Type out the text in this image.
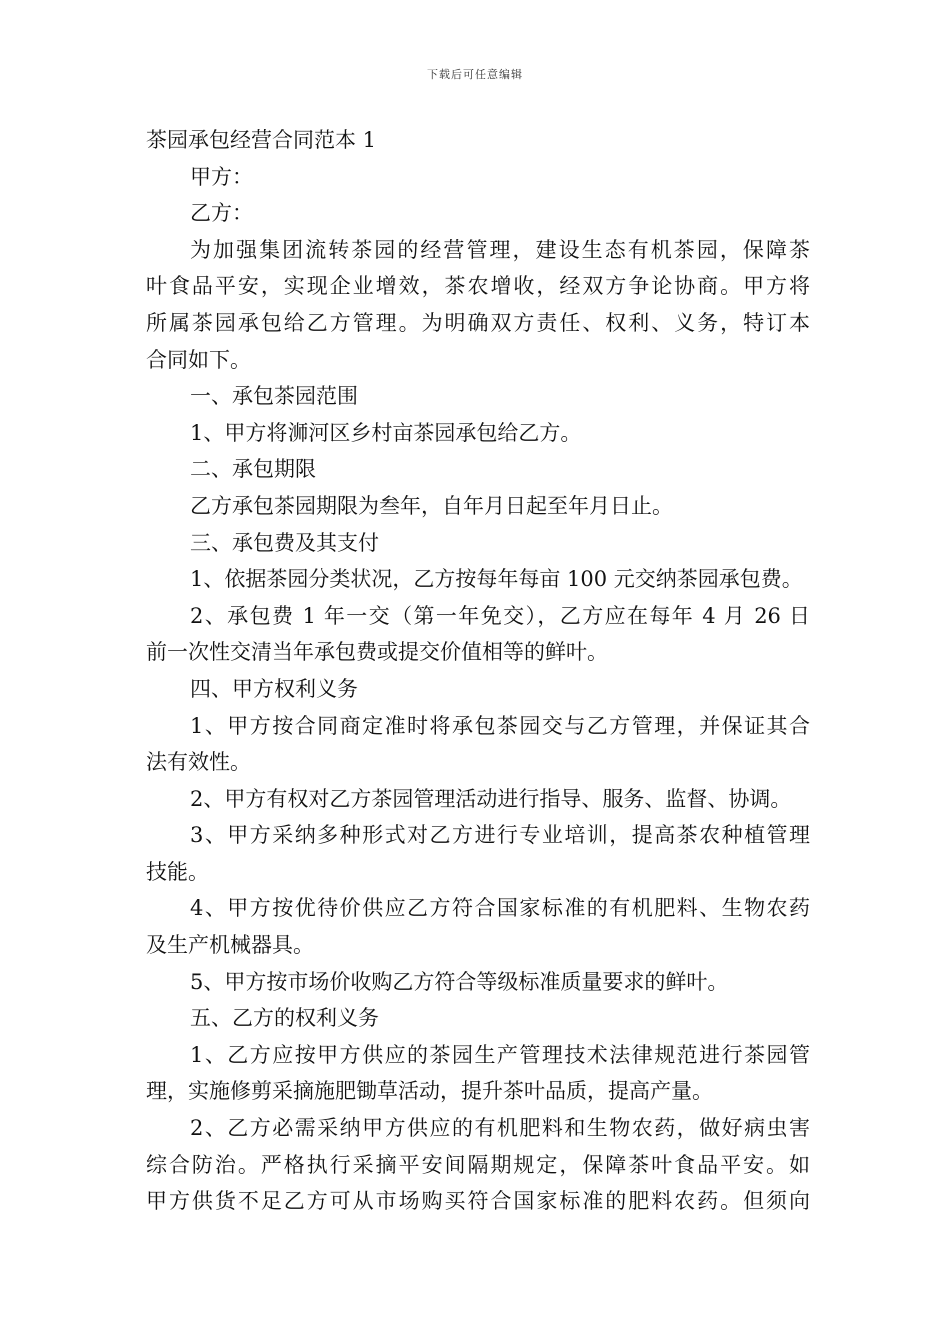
下载后可任意编辑
茶园承包经营合同范本 1
甲方：
乙方：
为加强集团流转茶园的经营管理，建设生态有机茶园，保障茶
叶食品平安，实现企业增效，茶农增收，经双方争论协商。甲方将
所属茶园承包给乙方管理。为明确双方责任、权利、义务，特订本
合同如下。
一、承包茶园范围
1、甲方将浉河区乡村亩茶园承包给乙方。
二、承包期限
乙方承包茶园期限为叁年，自年月日起至年月日止。
三、承包费及其支付
1、依据茶园分类状况，乙方按每年每亩 100 元交纳茶园承包费。
2、承包费 1 年一交（第一年免交），乙方应在每年 4 月 26 日
前一次性交清当年承包费或提交价值相等的鲜叶。
四、甲方权利义务
1、甲方按合同商定准时将承包茶园交与乙方管理，并保证其合
法有效性。
2、甲方有权对乙方茶园管理活动进行指导、服务、监督、协调。
3、甲方采纳多种形式对乙方进行专业培训，提高茶农种植管理
技能。
4、甲方按优待价供应乙方符合国家标准的有机肥料、生物农药
及生产机械器具。
5、甲方按市场价收购乙方符合等级标准质量要求的鲜叶。
五、乙方的权利义务
1、乙方应按甲方供应的茶园生产管理技术法律规范进行茶园管
理，实施修剪采摘施肥锄草活动，提升茶叶品质，提高产量。
2、乙方必需采纳甲方供应的有机肥料和生物农药，做好病虫害
综合防治。严格执行采摘平安间隔期规定，保障茶叶食品平安。如
甲方供货不足乙方可从市场购买符合国家标准的肥料农药。但须向
